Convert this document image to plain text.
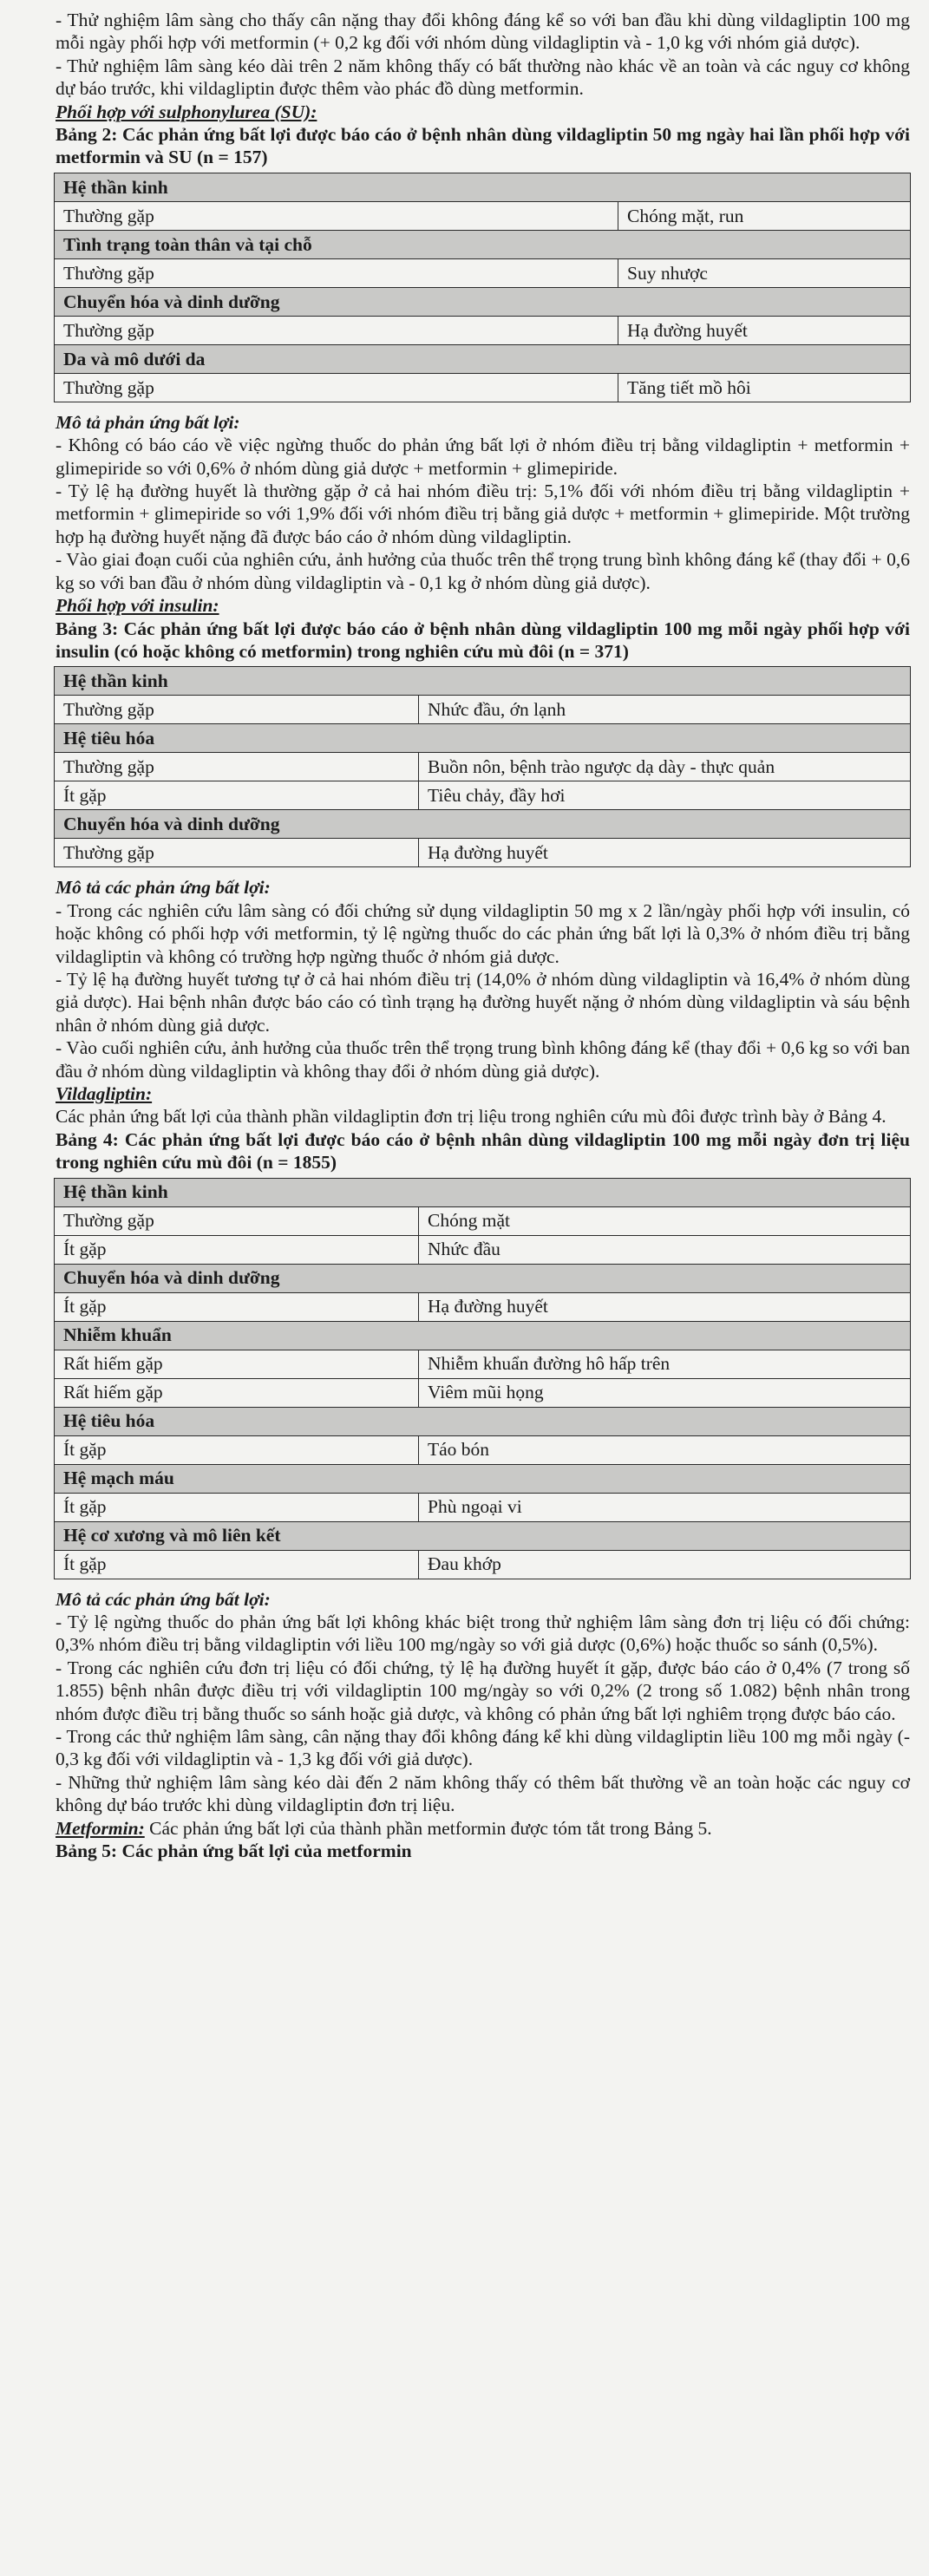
- Thử nghiệm lâm sàng cho thấy cân nặng thay đổi không đáng kể so với ban đầu khi dùng vildagliptin 100 mg mỗi ngày phối hợp với metformin (+ 0,2 kg đối với nhóm dùng vildagliptin và - 1,0 kg với nhóm giả dược).

- Thử nghiệm lâm sàng kéo dài trên 2 năm không thấy có bất thường nào khác về an toàn và các nguy cơ không dự báo trước, khi vildagliptin được thêm vào phác đồ dùng metformin.

Phối hợp với sulphonylurea (SU):

Bảng 2: Các phản ứng bất lợi được báo cáo ở bệnh nhân dùng vildagliptin 50 mg ngày hai lần phối hợp với metformin và SU (n = 157)

Hệ thần kinh	
Thường gặp	Chóng mặt, run
Tình trạng toàn thân và tại chỗ	
Thường gặp	Suy nhược
Chuyển hóa và dinh dưỡng	
Thường gặp	Hạ đường huyết
Da và mô dưới da	
Thường gặp	Tăng tiết mồ hôi
Mô tả phản ứng bất lợi:

- Không có báo cáo về việc ngừng thuốc do phản ứng bất lợi ở nhóm điều trị bằng vildagliptin + metformin + glimepiride so với 0,6% ở nhóm dùng giả dược + metformin + glimepiride.

- Tỷ lệ hạ đường huyết là thường gặp ở cả hai nhóm điều trị: 5,1% đối với nhóm điều trị bằng vildagliptin + metformin + glimepiride so với 1,9% đối với nhóm điều trị bằng giả dược + metformin + glimepiride. Một trường hợp hạ đường huyết nặng đã được báo cáo ở nhóm dùng vildagliptin.

- Vào giai đoạn cuối của nghiên cứu, ảnh hưởng của thuốc trên thể trọng trung bình không đáng kể (thay đổi + 0,6 kg so với ban đầu ở nhóm dùng vildagliptin và - 0,1 kg ở nhóm dùng giả dược).

Phối hợp với insulin:

Bảng 3: Các phản ứng bất lợi được báo cáo ở bệnh nhân dùng vildagliptin 100 mg mỗi ngày phối hợp với insulin (có hoặc không có metformin) trong nghiên cứu mù đôi (n = 371)

Hệ thần kinh	
Thường gặp	Nhức đầu, ớn lạnh
Hệ tiêu hóa	
Thường gặp	Buồn nôn, bệnh trào ngược dạ dày - thực quản
Ít gặp	Tiêu chảy, đầy hơi
Chuyển hóa và dinh dưỡng	
Thường gặp	Hạ đường huyết
Mô tả các phản ứng bất lợi:

- Trong các nghiên cứu lâm sàng có đối chứng sử dụng vildagliptin 50 mg x 2 lần/ngày phối hợp với insulin, có hoặc không có phối hợp với metformin, tỷ lệ ngừng thuốc do các phản ứng bất lợi là 0,3% ở nhóm điều trị bằng vildagliptin và không có trường hợp ngừng thuốc ở nhóm giả dược.

- Tỷ lệ hạ đường huyết tương tự ở cả hai nhóm điều trị (14,0% ở nhóm dùng vildagliptin và 16,4% ở nhóm dùng giả dược). Hai bệnh nhân được báo cáo có tình trạng hạ đường huyết nặng ở nhóm dùng vildagliptin và sáu bệnh nhân ở nhóm dùng giả dược.

- Vào cuối nghiên cứu, ảnh hưởng của thuốc trên thể trọng trung bình không đáng kể (thay đổi + 0,6 kg so với ban đầu ở nhóm dùng vildagliptin và không thay đổi ở nhóm dùng giả dược).

Vildagliptin:

Các phản ứng bất lợi của thành phần vildagliptin đơn trị liệu trong nghiên cứu mù đôi được trình bày ở Bảng 4.

Bảng 4: Các phản ứng bất lợi được báo cáo ở bệnh nhân dùng vildagliptin 100 mg mỗi ngày đơn trị liệu trong nghiên cứu mù đôi (n = 1855)

Hệ thần kinh	
Thường gặp	Chóng mặt
Ít gặp	Nhức đầu
Chuyển hóa và dinh dưỡng	
Ít gặp	Hạ đường huyết
Nhiễm khuẩn	
Rất hiếm gặp	Nhiễm khuẩn đường hô hấp trên
Rất hiếm gặp	Viêm mũi họng
Hệ tiêu hóa	
Ít gặp	Táo bón
Hệ mạch máu	
Ít gặp	Phù ngoại vi
Hệ cơ xương và mô liên kết	
Ít gặp	Đau khớp
Mô tả các phản ứng bất lợi:

- Tỷ lệ ngừng thuốc do phản ứng bất lợi không khác biệt trong thử nghiệm lâm sàng đơn trị liệu có đối chứng: 0,3% nhóm điều trị bằng vildagliptin với liều 100 mg/ngày so với giả dược (0,6%) hoặc thuốc so sánh (0,5%).

- Trong các nghiên cứu đơn trị liệu có đối chứng, tỷ lệ hạ đường huyết ít gặp, được báo cáo ở 0,4% (7 trong số 1.855) bệnh nhân được điều trị với vildagliptin 100 mg/ngày so với 0,2% (2 trong số 1.082) bệnh nhân trong nhóm được điều trị bằng thuốc so sánh hoặc giả dược, và không có phản ứng bất lợi nghiêm trọng được báo cáo.

- Trong các thử nghiệm lâm sàng, cân nặng thay đổi không đáng kể khi dùng vildagliptin liều 100 mg mỗi ngày (- 0,3 kg đối với vildagliptin và - 1,3 kg đối với giả dược).

- Những thử nghiệm lâm sàng kéo dài đến 2 năm không thấy có thêm bất thường về an toàn hoặc các nguy cơ không dự báo trước khi dùng vildagliptin đơn trị liệu.

Metformin: Các phản ứng bất lợi của thành phần metformin được tóm tắt trong Bảng 5.

Bảng 5: Các phản ứng bất lợi của metformin
